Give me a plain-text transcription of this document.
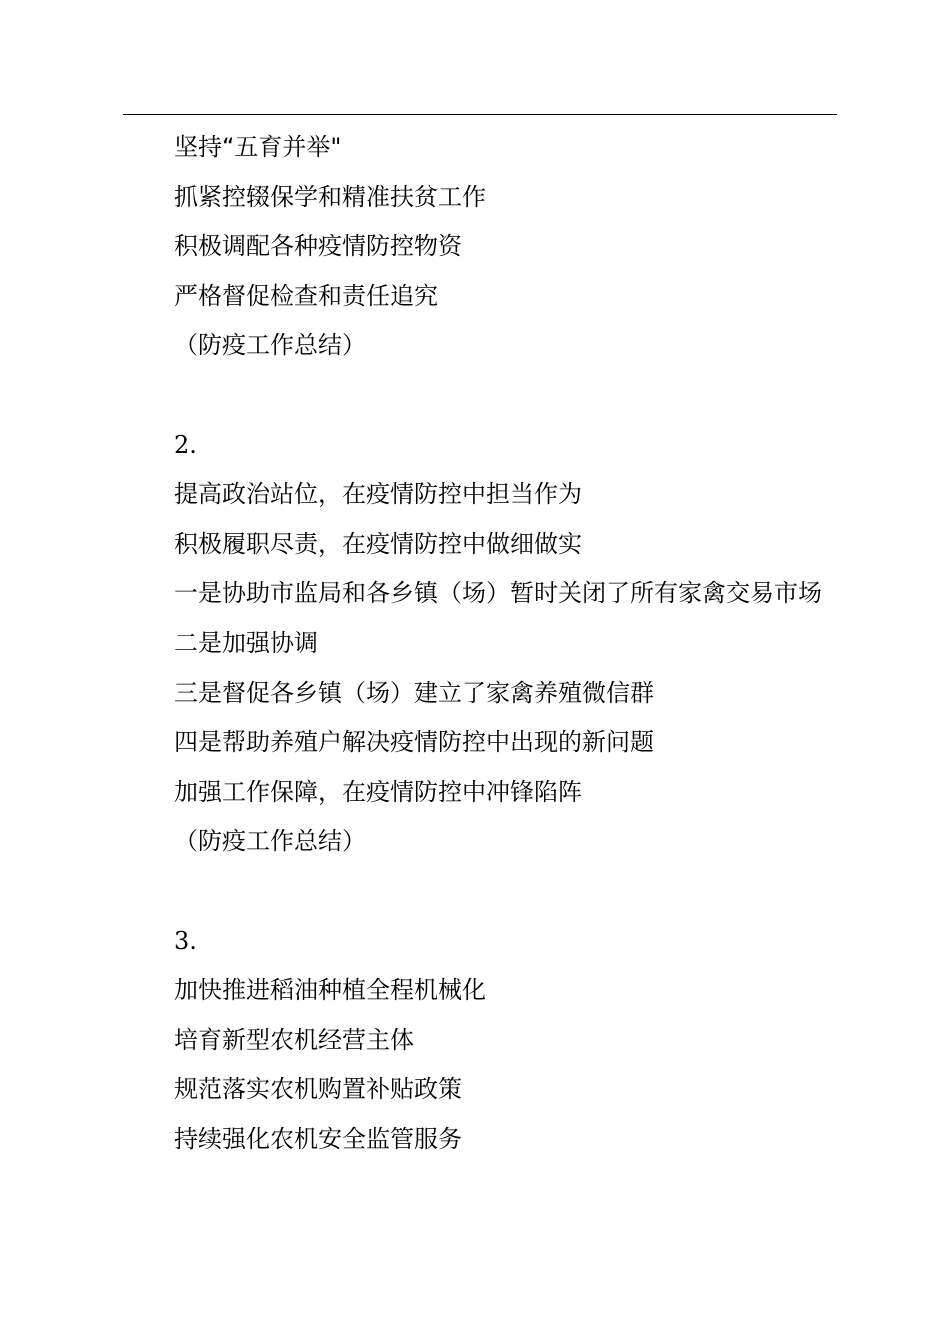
坚持“五育并举"
抓紧控辍保学和精准扶贫工作
积极调配各种疫情防控物资
严格督促检查和责任追究
（防疫工作总结）
2.
提高政治站位，在疫情防控中担当作为
积极履职尽责，在疫情防控中做细做实
一是协助市监局和各乡镇（场）暂时关闭了所有家禽交易市场
二是加强协调
三是督促各乡镇（场）建立了家禽养殖微信群
四是帮助养殖户解决疫情防控中出现的新问题
加强工作保障，在疫情防控中冲锋陷阵
（防疫工作总结）
3.
加快推进稻油种植全程机械化
培育新型农机经营主体
规范落实农机购置补贴政策
持续强化农机安全监管服务
